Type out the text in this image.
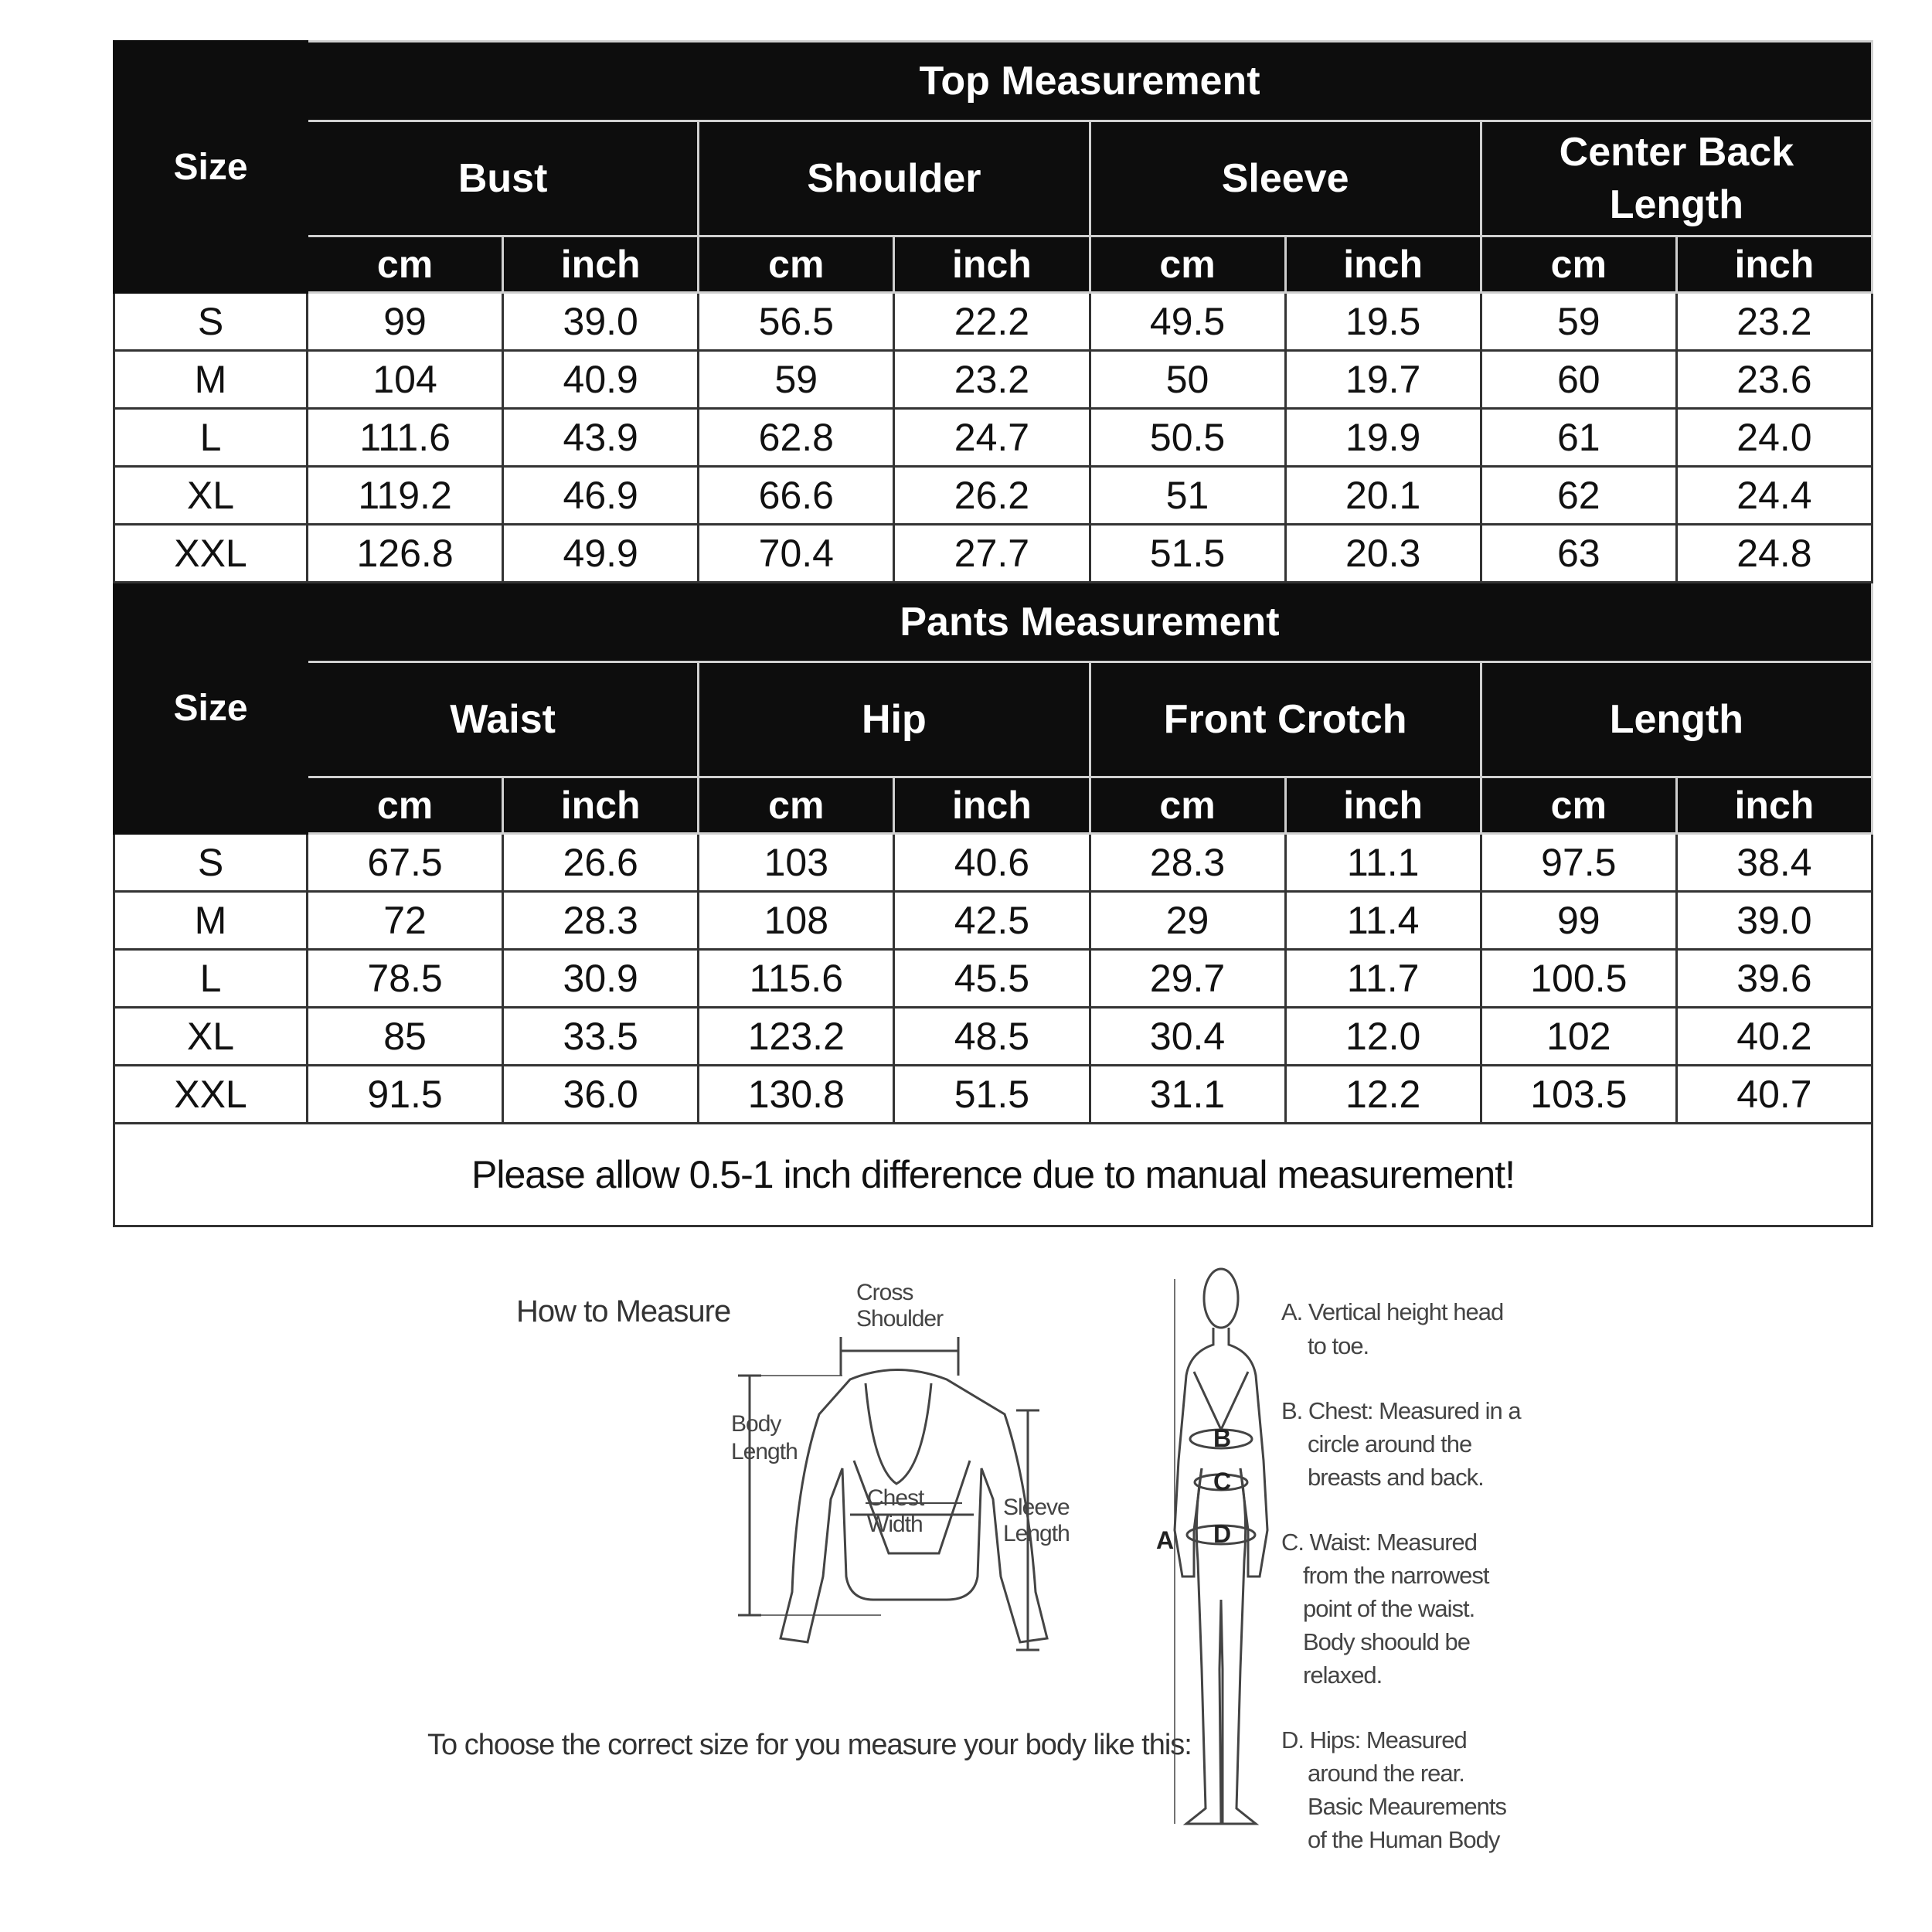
Size	Top Measurement							
	Bust		Shoulder		Sleeve		Center Back Length	
	cm	inch	cm	inch	cm	inch	cm	inch
S	99	39.0	56.5	22.2	49.5	19.5	59	23.2
M	104	40.9	59	23.2	50	19.7	60	23.6
L	111.6	43.9	62.8	24.7	50.5	19.9	61	24.0
XL	119.2	46.9	66.6	26.2	51	20.1	62	24.4
XXL	126.8	49.9	70.4	27.7	51.5	20.3	63	24.8
Size	Pants Measurement							
	Waist		Hip		Front Crotch		Length	
	cm	inch	cm	inch	cm	inch	cm	inch
S	67.5	26.6	103	40.6	28.3	11.1	97.5	38.4
M	72	28.3	108	42.5	29	11.4	99	39.0
L	78.5	30.9	115.6	45.5	29.7	11.7	100.5	39.6
XL	85	33.5	123.2	48.5	30.4	12.0	102	40.2
XXL	91.5	36.0	130.8	51.5	31.1	12.2	103.5	40.7
Please allow 0.5-1 inch difference due to manual measurement!								
How to Measure
To choose the correct size for you measure your body like this:
Cross
Shoulder
Body
Length
Chest
Width
Sleeve
Length
B
C
D
A
A. Vertical height head
to toe.
B. Chest: Measured in a
circle around the
breasts and back.
C. Waist: Measured
from the narrowest
point of the waist.
Body shoould be
relaxed.
D. Hips: Measured
around the rear.
Basic Meaurements
of the Human Body
